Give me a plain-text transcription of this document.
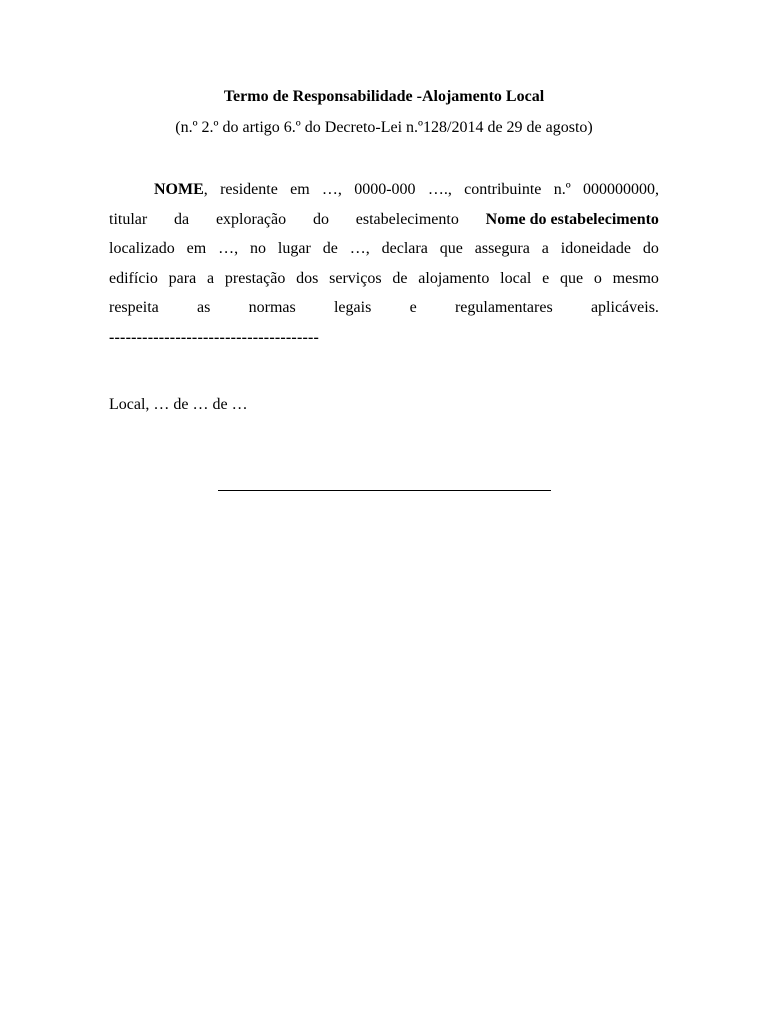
Termo de Responsabilidade -Alojamento Local
(n.º 2.º do artigo 6.º do Decreto-Lei n.º128/2014 de 29 de agosto)
NOME, residente em …, 0000-000 …., contribuinte n.º 000000000,
titular da exploração do estabelecimento Nome do estabelecimento
localizado em …, no lugar de …, declara que assegura a idoneidade do
edifício para a prestação dos serviços de alojamento local e que o mesmo
respeita as normas legais e regulamentares aplicáveis.
--------------------------------------
Local, … de … de …
